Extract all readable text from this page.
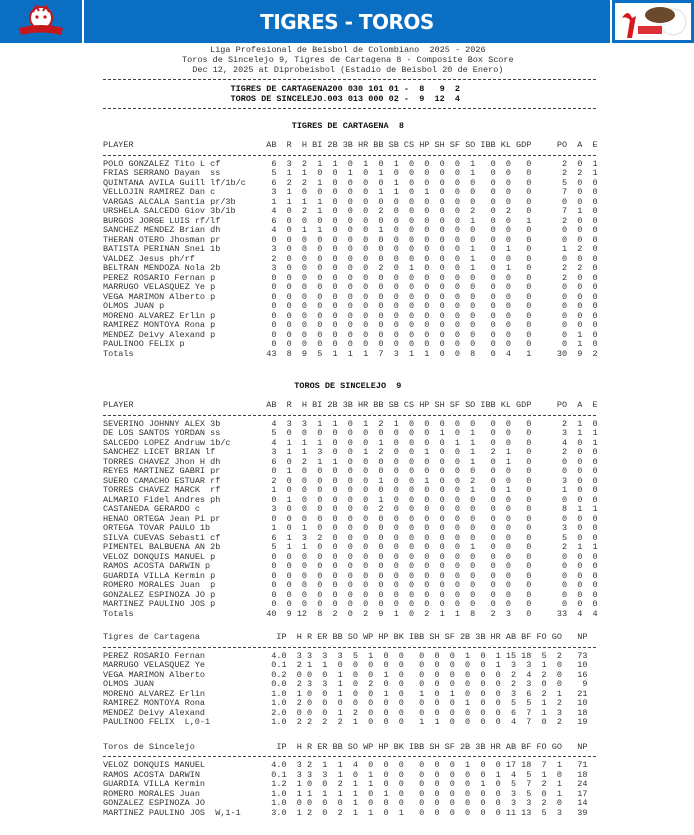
TIGRES - TOROS
Liga Profesional de Beisbol de Colombiano  2025 - 2026
Toros de Sincelejo 9, Tigres de Cartagena 8 - Composite Box Score
Dec 12, 2025 at Diprobeisbol (Estadio de Beisbol 20 de Enero)
TIGRES DE CARTAGENA200 030 101 01 - 8 9 2
TOROS DE SINCELEJO.003 013 000 02 - 9 12 4
TIGRES DE CARTAGENA  8
PLAYER	AB R H BI 2B 3B HR BB SB CS HP SH SF SO IBB KL GDP	PO A E
POLO GONZALEZ Tito L cf	6 3 2 1 1 0 1 0 1 0 0 0 0 1 0 0 0	2 0 1
FRIAS SERRANO Dayan  ss	5 1 1 0 0 1 0 1 0 0 0 0 0 1 0 0 0	2 2 1
QUINTANA AVILA Guill lf/1b/c	6 2 2 1 0 0 0 0 1 0 0 0 0 0 0 0 0	5 0 0
VELLOJIN RAMIREZ Dan c	3 1 0 0 0 0 0 1 1 0 1 0 0 0 0 0 0	7 0 0
VARGAS ALCALA Santia pr/3b	1 1 1 1 0 0 0 0 0 0 0 0 0 0 0 0 0	0 0 0
URSHELA SALCEDO Giov 3b/1b	4 0 2 1 0 0 0 2 0 0 0 0 0 2 0 2 0	7 1 0
BURGOS JORGE LUIS rf/lf	6 0 0 0 0 0 0 0 0 0 0 0 0 1 0 0 1	2 0 0
SANCHEZ MENDEZ Brian dh	4 0 1 1 0 0 0 1 0 0 0 0 0 0 0 0 0	0 0 0
THERAN OTERO Jhosman pr	0 0 0 0 0 0 0 0 0 0 0 0 0 0 0 0 0	0 0 0
BATISTA PERINAN Snei 1b	3 0 0 0 0 0 0 0 0 0 0 0 0 1 0 1 0	1 2 0
VALDEZ Jesus ph/rf	2 0 0 0 0 0 0 0 0 0 0 0 0 1 0 0 0	0 0 0
BELTRAN MENDOZA Nola 2b	3 0 0 0 0 0 0 2 0 1 0 0 0 1 0 1 0	2 2 0
PEREZ ROSARIO Fernan p	0 0 0 0 0 0 0 0 0 0 0 0 0 0 0 0 0	2 0 0
MARRUGO VELASQUEZ Ye p	0 0 0 0 0 0 0 0 0 0 0 0 0 0 0 0 0	0 0 0
VEGA MARIMON Alberto p	0 0 0 0 0 0 0 0 0 0 0 0 0 0 0 0 0	0 0 0
OLMOS JUAN p	0 0 0 0 0 0 0 0 0 0 0 0 0 0 0 0 0	0 0 0
MORENO ALVAREZ Erlin p	0 0 0 0 0 0 0 0 0 0 0 0 0 0 0 0 0	0 0 0
RAMIREZ MONTOYA Rona p	0 0 0 0 0 0 0 0 0 0 0 0 0 0 0 0 0	0 0 0
MENDEZ Deivy Alexand p	0 0 0 0 0 0 0 0 0 0 0 0 0 0 0 0 0	0 1 0
PAULINOO FELIX p	0 0 0 0 0 0 0 0 0 0 0 0 0 0 0 0 0	0 1 0
Totals	43 8 9 5 1 1 1 7 3 1 1 0 0 8 0 4 1	30 9 2
TOROS DE SINCELEJO  9
PLAYER	AB R H BI 2B 3B HR BB SB CS HP SH SF SO IBB KL GDP	PO A E
SEVERINO JOHNNY ALEX 3b	4 3 3 1 1 0 1 2 1 0 0 0 0 0 0 0 0	2 1 0
DE LOS SANTOS YORDAN ss	5 0 0 0 0 0 0 0 0 0 0 1 0 1 0 0 0	3 1 1
SALCEDO LOPEZ Andruw 1b/c	4 1 1 1 0 0 0 1 0 0 0 0 1 1 0 0 0	4 0 1
SANCHEZ LICET BRIAN lf	3 1 1 3 0 0 1 2 0 0 1 0 0 1 2 1 0	2 0 0
TORRES CHAVEZ Jhon H dh	6 0 2 1 1 0 0 0 0 0 0 0 0 1 0 1 0	0 0 0
REYES MARTINEZ GABRI pr	0 1 0 0 0 0 0 0 0 0 0 0 0 0 0 0 0	0 0 0
SUERO CAMACHO ESTUAR rf	2 0 0 0 0 0 0 1 0 0 1 0 0 2 0 0 0	3 0 0
TORRES CHAVEZ MARCK  rf	1 0 0 0 0 0 0 0 0 0 0 0 0 1 0 1 0	1 0 0
ALMARIO Fidel Andres ph	0 1 0 0 0 0 0 1 0 0 0 0 0 0 0 0 0	0 0 0
CASTANEDA GERARDO c	3 0 0 0 0 0 0 2 0 0 0 0 0 0 0 0 0	8 1 1
HENAO ORTEGA Jean Pi pr	0 0 0 0 0 0 0 0 0 0 0 0 0 0 0 0 0	0 0 0
ORTEGA TOVAR PAULO 1b	1 0 1 0 0 0 0 0 0 0 0 0 0 0 0 0 0	3 0 0
SILVA CUEVAS Sebasti cf	6 1 3 2 0 0 0 0 0 0 0 0 0 0 0 0 0	5 0 0
PIMENTEL BALBUENA AN 2b	5 1 1 0 0 0 0 0 0 0 0 0 0 1 0 0 0	2 1 1
VELOZ DONQUIS MANUEL p	0 0 0 0 0 0 0 0 0 0 0 0 0 0 0 0 0	0 0 0
RAMOS ACOSTA DARWIN p	0 0 0 0 0 0 0 0 0 0 0 0 0 0 0 0 0	0 0 0
GUARDIA VILLA Kermin p	0 0 0 0 0 0 0 0 0 0 0 0 0 0 0 0 0	0 0 0
ROMERO MORALES Juan  p	0 0 0 0 0 0 0 0 0 0 0 0 0 0 0 0 0	0 0 0
GONZALEZ ESPINOZA JO p	0 0 0 0 0 0 0 0 0 0 0 0 0 0 0 0 0	0 0 0
MARTINEZ PAULINO JOS p	0 0 0 0 0 0 0 0 0 0 0 0 0 0 0 0 0	0 0 0
Totals	40 9 12 8 2 0 2 9 1 0 2 1 1 8 2 3 0	33 4 4
Tigres de Cartagena	IP H R ER BB SO WP HP BK IBB SH SF 2B 3B HR AB BF FO GO NP
PEREZ ROSARIO Fernan	4.0 3 3 3 3 5 1 0 0 0 0 0 1 0 1 15 18 5 2 73
MARRUGO VELASQUEZ Ye	0.1 2 1 1 0 0 0 0 0 0 0 0 0 0 1 3 3 1 0 10
VEGA MARIMON Alberto	0.2 0 0 0 1 0 0 1 0 0 0 0 0 0 0 2 4 2 0 16
OLMOS JUAN	0.0 2 3 3 1 0 2 0 0 0 0 0 0 0 0 2 3 0 0 9
MORENO ALVAREZ Erlin	1.0 1 0 0 1 0 0 1 0 1 0 1 0 0 0 3 6 2 1 21
RAMIREZ MONTOYA Rona	1.0 2 0 0 0 0 0 0 0 0 0 0 1 0 0 5 5 1 2 10
MENDEZ Deivy Alexand	2.0 0 0 0 1 2 0 0 0 0 0 0 0 0 0 6 7 1 3 18
PAULINOO FELIX L,0-1	1.0 2 2 2 2 1 0 0 0 1 1 0 0 0 0 4 7 0 2 19
Toros de Sincelejo	IP H R ER BB SO WP HP BK IBB SH SF 2B 3B HR AB BF FO GO NP
VELOZ DONQUIS MANUEL	4.0 3 2 1 1 4 0 0 0 0 0 0 1 0 0 17 18 7 1 71
RAMOS ACOSTA DARWIN	0.1 3 3 3 1 0 1 0 0 0 0 0 0 0 1 4 5 1 0 18
GUARDIA VILLA Kermin	1.2 1 0 0 2 1 1 0 0 0 0 0 0 1 0 5 7 2 1 24
ROMERO MORALES Juan	1.0 1 1 1 1 1 0 1 0 0 0 0 0 0 0 3 5 0 1 17
GONZALEZ ESPINOZA JO	1.0 0 0 0 0 1 0 0 0 0 0 0 0 0 0 3 3 2 0 14
MARTINEZ PAULINO JOS W,1-1	3.0 1 2 0 2 1 1 0 1 0 0 0 0 0 0 11 13 5 3 39
